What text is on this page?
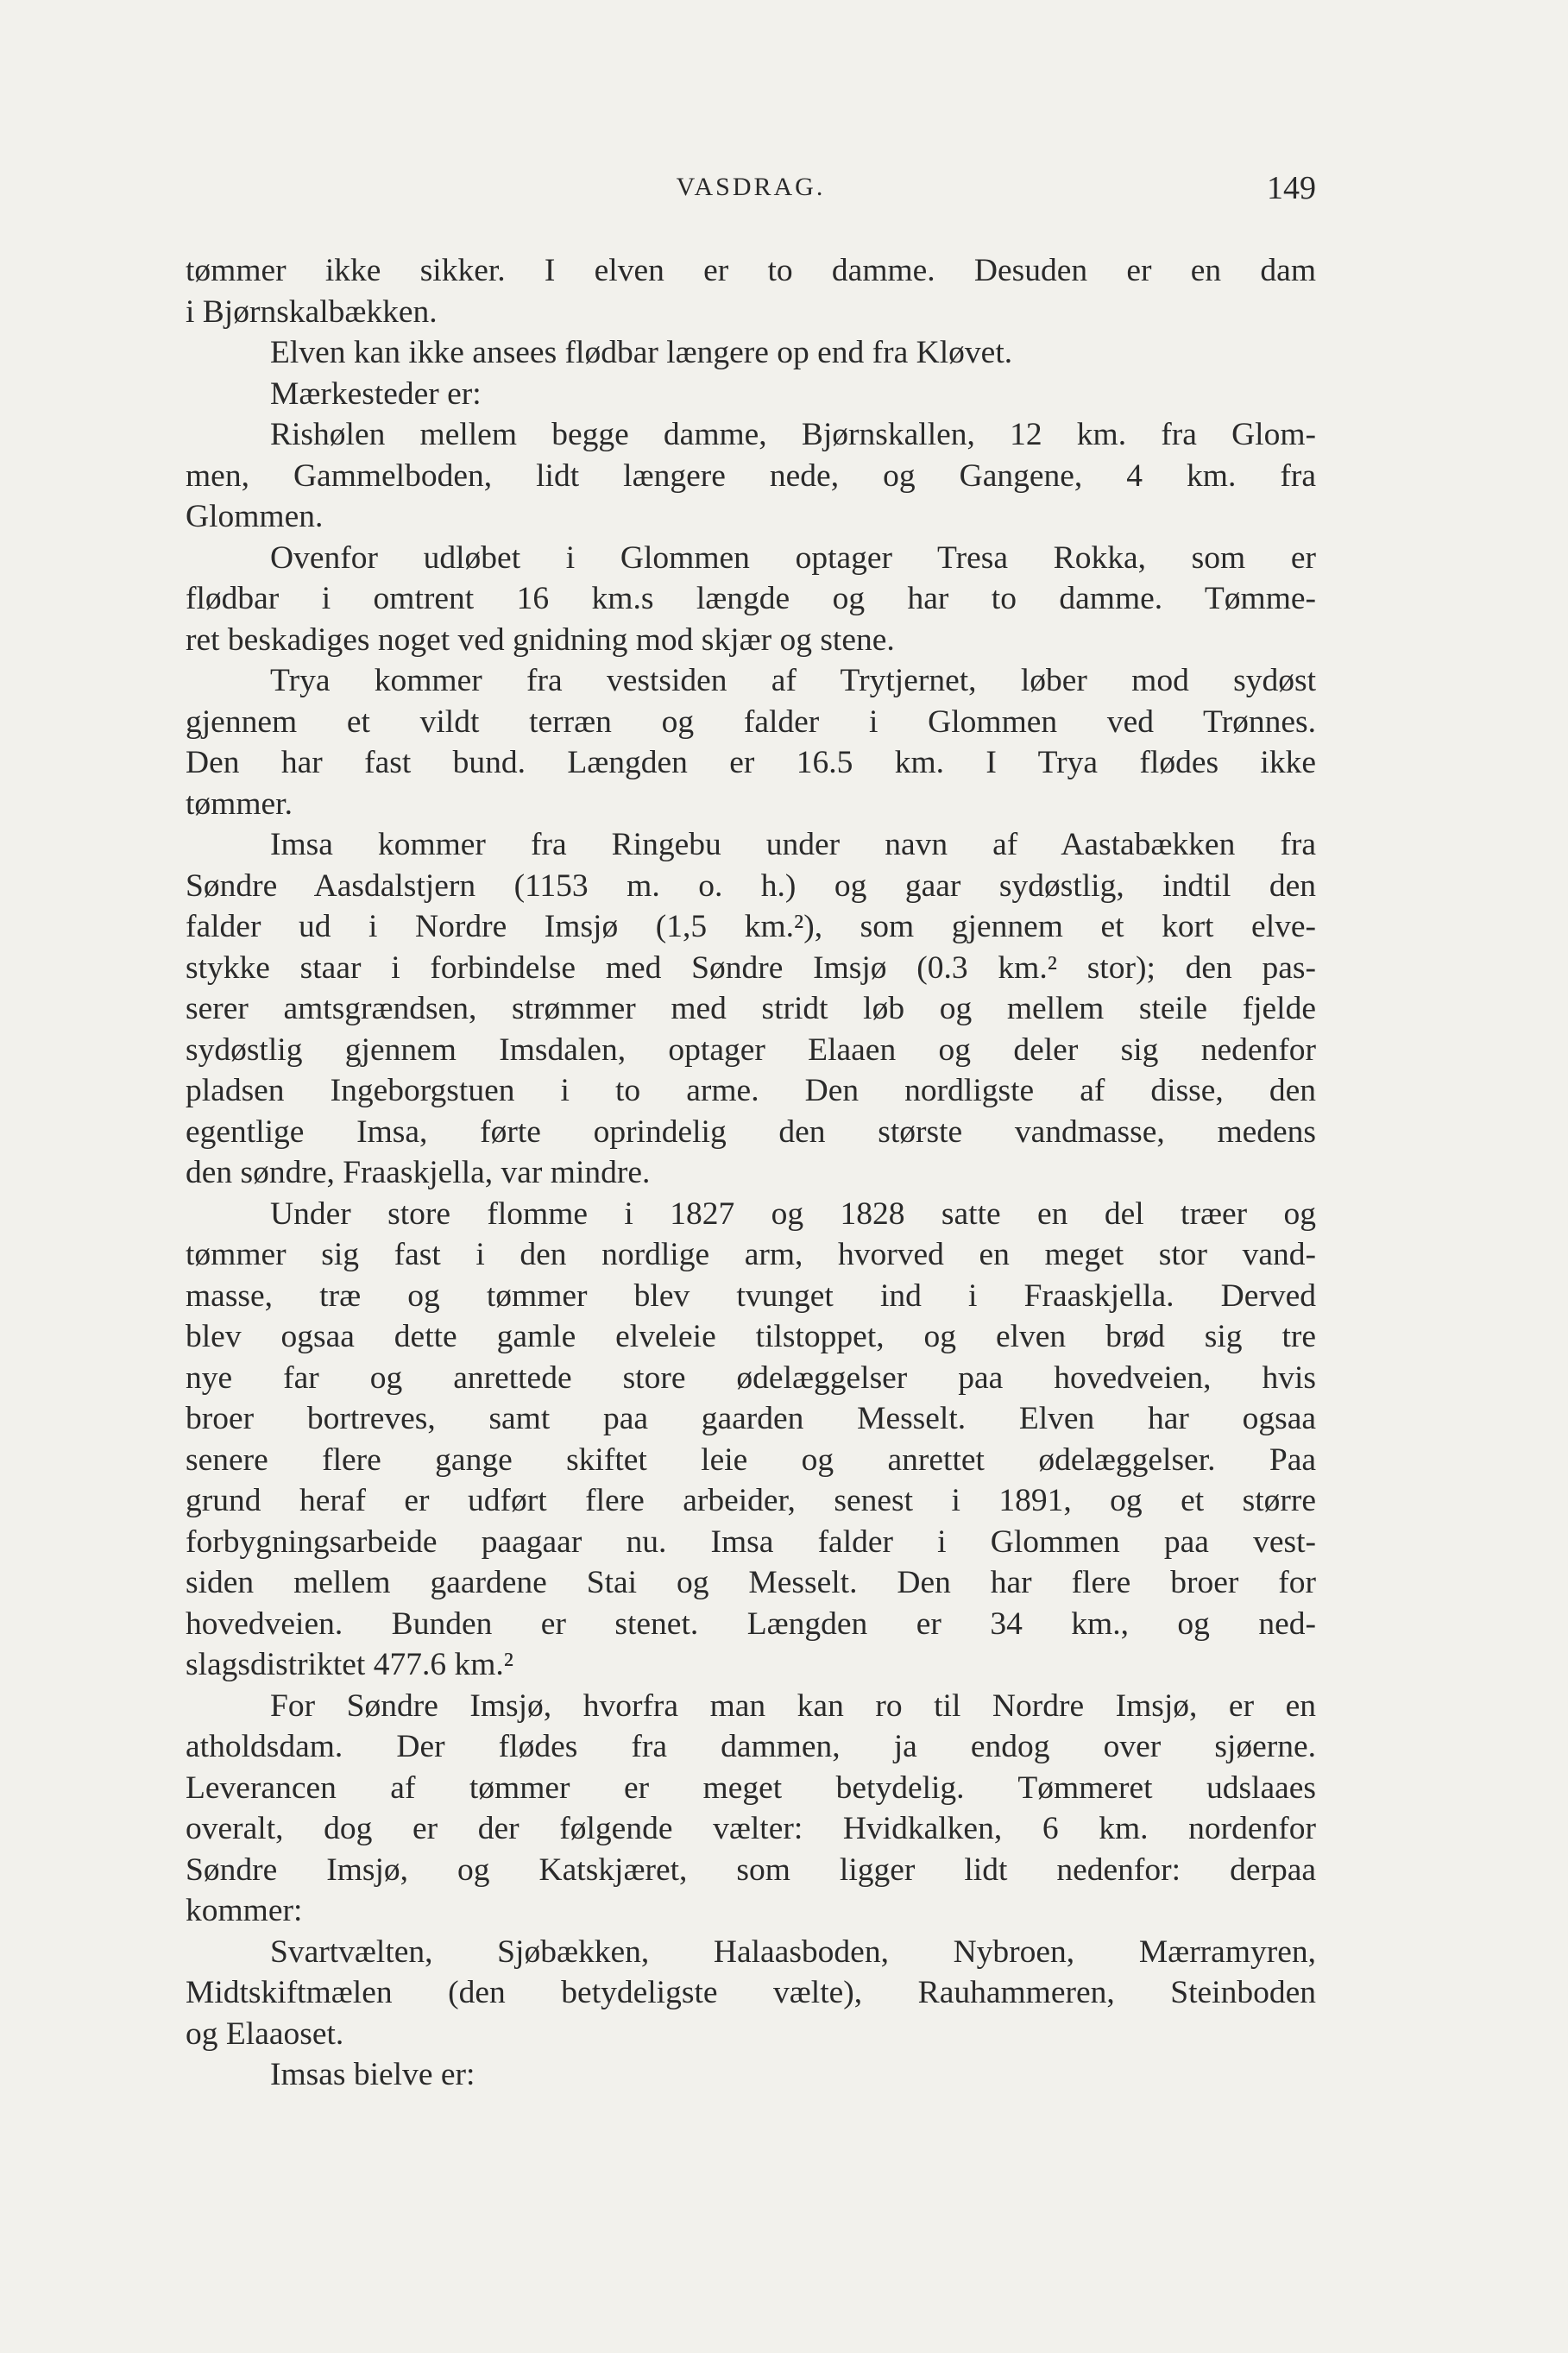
VASDRAG.	149
tømmer ikke sikker. I elven er to damme. Desuden er en dam
i Bjørnskalbækken.
Elven kan ikke ansees flødbar længere op end fra Kløvet.
Mærkesteder er:
Rishølen mellem begge damme, Bjørnskallen, 12 km. fra Glom-
men, Gammelboden, lidt længere nede, og Gangene, 4 km. fra
Glommen.
Ovenfor udløbet i Glommen optager Tresa Rokka, som er
flødbar i omtrent 16 km.s længde og har to damme. Tømme-
ret beskadiges noget ved gnidning mod skjær og stene.
Trya kommer fra vestsiden af Trytjernet, løber mod sydøst
gjennem et vildt terræn og falder i Glommen ved Trønnes.
Den har fast bund. Længden er 16.5 km. I Trya flødes ikke
tømmer.
Imsa kommer fra Ringebu under navn af Aastabækken fra
Søndre Aasdalstjern (1153 m. o. h.) og gaar sydøstlig, indtil den
falder ud i Nordre Imsjø (1,5 km.²), som gjennem et kort elve-
stykke staar i forbindelse med Søndre Imsjø (0.3 km.² stor); den pas-
serer amtsgrændsen, strømmer med stridt løb og mellem steile fjelde
sydøstlig gjennem Imsdalen, optager Elaaen og deler sig nedenfor
pladsen Ingeborgstuen i to arme. Den nordligste af disse, den
egentlige Imsa, førte oprindelig den største vandmasse, medens
den søndre, Fraaskjella, var mindre.
Under store flomme i 1827 og 1828 satte en del træer og
tømmer sig fast i den nordlige arm, hvorved en meget stor vand-
masse, træ og tømmer blev tvunget ind i Fraaskjella. Derved
blev ogsaa dette gamle elveleie tilstoppet, og elven brød sig tre
nye far og anrettede store ødelæggelser paa hovedveien, hvis
broer bortreves, samt paa gaarden Messelt. Elven har ogsaa
senere flere gange skiftet leie og anrettet ødelæggelser. Paa
grund heraf er udført flere arbeider, senest i 1891, og et større
forbygningsarbeide paagaar nu. Imsa falder i Glommen paa vest-
siden mellem gaardene Stai og Messelt. Den har flere broer for
hovedveien. Bunden er stenet. Længden er 34 km., og ned-
slagsdistriktet 477.6 km.²
For Søndre Imsjø, hvorfra man kan ro til Nordre Imsjø, er en
atholdsdam. Der flødes fra dammen, ja endog over sjøerne.
Leverancen af tømmer er meget betydelig. Tømmeret udslaaes
overalt, dog er der følgende vælter: Hvidkalken, 6 km. nordenfor
Søndre Imsjø, og Katskjæret, som ligger lidt nedenfor: derpaa
kommer:
Svartvælten, Sjøbækken, Halaasboden, Nybroen, Mærramyren,
Midtskiftmælen (den betydeligste vælte), Rauhammeren, Steinboden
og Elaaoset.
Imsas bielve er:
